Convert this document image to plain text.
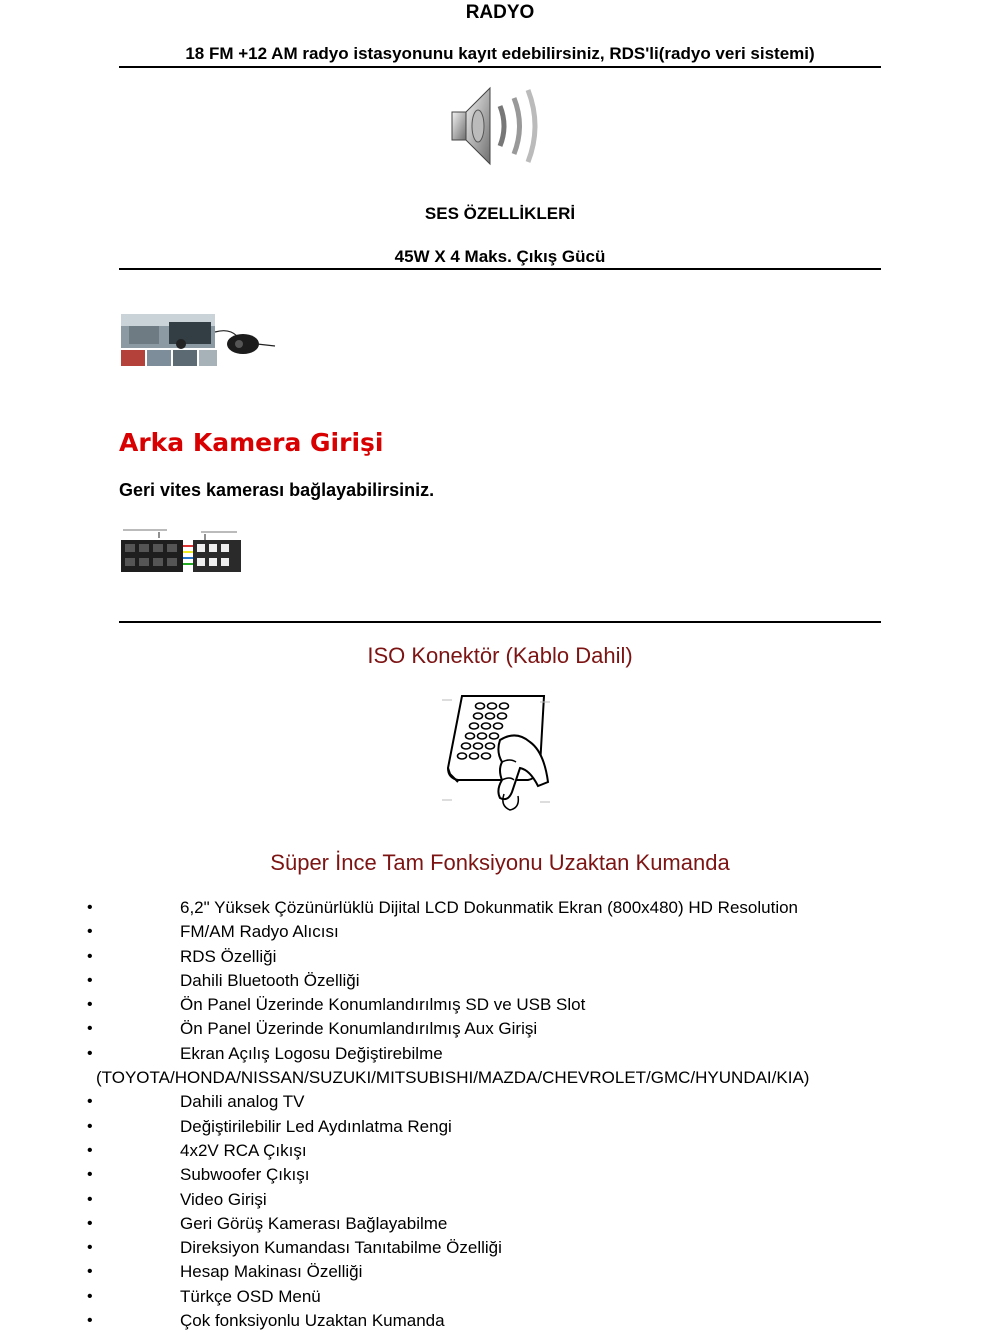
RADYO
18 FM +12 AM radyo istasyonunu kayıt edebilirsiniz, RDS'li(radyo veri sistemi)
SES ÖZELLİKLERİ
45W X 4 Maks. Çıkış Gücü
Arka Kamera Girişi
Geri vites kamerası bağlayabilirsiniz.
ISO Konektör (Kablo Dahil)
Süper İnce Tam Fonksiyonu Uzaktan Kumanda
•	6,2" Yüksek Çözünürlüklü Dijital LCD Dokunmatik Ekran (800x480) HD Resolution
•	FM/AM Radyo Alıcısı
•	RDS Özelliği
•	Dahili Bluetooth Özelliği
•	Ön Panel Üzerinde Konumlandırılmış SD ve USB Slot
•	Ön Panel Üzerinde Konumlandırılmış Aux Girişi
•	Ekran Açılış Logosu Değiştirebilme
(TOYOTA/HONDA/NISSAN/SUZUKI/MITSUBISHI/MAZDA/CHEVROLET/GMC/HYUNDAI/KIA)
•	Dahili analog TV
•	Değiştirilebilir Led Aydınlatma Rengi
•	4x2V RCA Çıkışı
•	Subwoofer Çıkışı
•	Video Girişi
•	Geri Görüş Kamerası Bağlayabilme
•	Direksiyon Kumandası Tanıtabilme Özelliği
•	Hesap Makinası Özelliği
•	Türkçe OSD Menü
•	Çok fonksiyonlu Uzaktan Kumanda
